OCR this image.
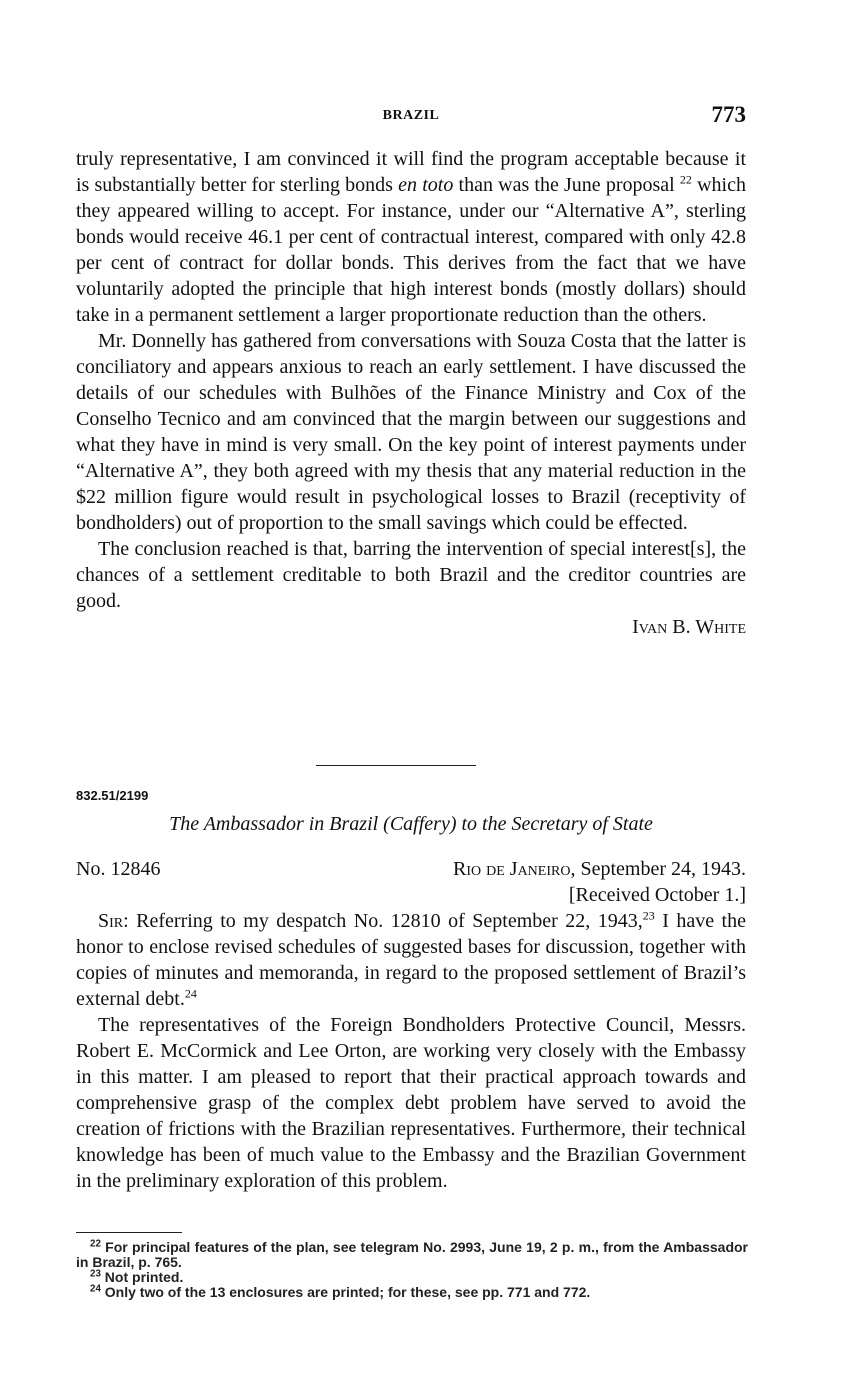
BRAZIL	773

truly representative, I am convinced it will find the program acceptable because it is substantially better for sterling bonds en toto than was the June proposal $^{22}$ which they appeared willing to accept. For instance, under our “Alternative A”, sterling bonds would receive 46.1 per cent of contractual interest, compared with only 42.8 per cent of contract for dollar bonds. This derives from the fact that we have voluntarily adopted the principle that high interest bonds (mostly dollars) should take in a permanent settlement a larger proportionate reduction than the others.

Mr. Donnelly has gathered from conversations with Souza Costa that the latter is conciliatory and appears anxious to reach an early settlement. I have discussed the details of our schedules with Bulhões of the Finance Ministry and Cox of the Conselho Tecnico and am convinced that the margin between our suggestions and what they have in mind is very small. On the key point of interest payments under “Alternative A”, they both agreed with my thesis that any material reduction in the $22 million figure would result in psychological losses to Brazil (receptivity of bondholders) out of proportion to the small savings which could be effected.

The conclusion reached is that, barring the intervention of special interest[s], the chances of a settlement creditable to both Brazil and the creditor countries are good.

Ivan B. White

832.51/2199
The Ambassador in Brazil (Caffery) to the Secretary of State
No. 12846	Rio de Janeiro, September 24, 1943.
[Received October 1.]

Sir: Referring to my despatch No. 12810 of September 22, 1943,23 I have the honor to enclose revised schedules of suggested bases for discussion, together with copies of minutes and memoranda, in regard to the proposed settlement of Brazil’s external debt.$^{24}$

The representatives of the Foreign Bondholders Protective Council, Messrs. Robert E. McCormick and Lee Orton, are working very closely with the Embassy in this matter. I am pleased to report that their practical approach towards and comprehensive grasp of the complex debt problem have served to avoid the creation of frictions with the Brazilian representatives. Furthermore, their technical knowledge has been of much value to the Embassy and the Brazilian Government in the preliminary exploration of this problem.

$^{22}$ For principal features of the plan, see telegram No. 2993, June 19, 2 p. m., from the Ambassador in Brazil, p. 765.

$^{23}$ Not printed.

$^{24}$ Only two of the 13 enclosures are printed; for these, see pp. 771 and 772.
